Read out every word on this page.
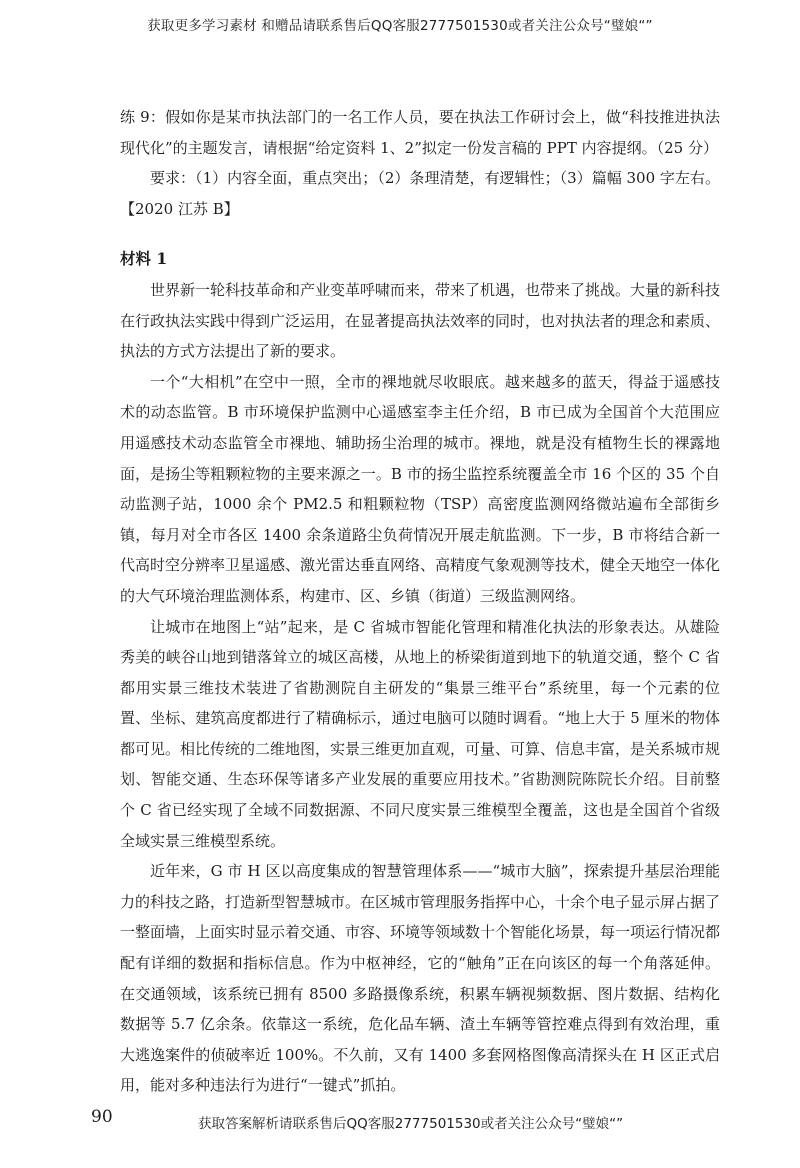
获取更多学习素材 和赠品请联系售后QQ客服2777501530或者关注公众号“璧娘“”

练 9：假如你是某市执法部门的一名工作人员，要在执法工作研讨会上，做“科技推进执法现代化”的主题发言，请根据“给定资料 1、2”拟定一份发言稿的 PPT 内容提纲。（25 分）

要求：（1）内容全面，重点突出；（2）条理清楚，有逻辑性；（3）篇幅 300 字左右。【2020 江苏 B】

材料 1

世界新一轮科技革命和产业变革呼啸而来，带来了机遇，也带来了挑战。大量的新科技在行政执法实践中得到广泛运用，在显著提高执法效率的同时，也对执法者的理念和素质、执法的方式方法提出了新的要求。

一个“大相机”在空中一照，全市的裸地就尽收眼底。越来越多的蓝天，得益于遥感技术的动态监管。B 市环境保护监测中心遥感室李主任介绍，B 市已成为全国首个大范围应用遥感技术动态监管全市裸地、辅助扬尘治理的城市。裸地，就是没有植物生长的裸露地面，是扬尘等粗颗粒物的主要来源之一。B 市的扬尘监控系统覆盖全市 16 个区的 35 个自动监测子站，1000 余个 PM2.5 和粗颗粒物（TSP）高密度监测网络微站遍布全部街乡镇，每月对全市各区 1400 余条道路尘负荷情况开展走航监测。下一步，B 市将结合新一代高时空分辨率卫星遥感、激光雷达垂直网络、高精度气象观测等技术，健全天地空一体化的大气环境治理监测体系，构建市、区、乡镇（街道）三级监测网络。

让城市在地图上“站”起来，是 C 省城市智能化管理和精准化执法的形象表达。从雄险秀美的峡谷山地到错落耸立的城区高楼，从地上的桥梁街道到地下的轨道交通，整个 C 省都用实景三维技术装进了省勘测院自主研发的“集景三维平台”系统里，每一个元素的位置、坐标、建筑高度都进行了精确标示，通过电脑可以随时调看。“地上大于 5 厘米的物体都可见。相比传统的二维地图，实景三维更加直观，可量、可算、信息丰富，是关系城市规划、智能交通、生态环保等诸多产业发展的重要应用技术。”省勘测院陈院长介绍。目前整个 C 省已经实现了全域不同数据源、不同尺度实景三维模型全覆盖，这也是全国首个省级全域实景三维模型系统。

近年来，G 市 H 区以高度集成的智慧管理体系——“城市大脑”，探索提升基层治理能力的科技之路，打造新型智慧城市。在区城市管理服务指挥中心，十余个电子显示屏占据了一整面墙，上面实时显示着交通、市容、环境等领域数十个智能化场景，每一项运行情况都配有详细的数据和指标信息。作为中枢神经，它的“触角”正在向该区的每一个角落延伸。在交通领域，该系统已拥有 8500 多路摄像系统，积累车辆视频数据、图片数据、结构化数据等 5.7 亿余条。依靠这一系统，危化品车辆、渣土车辆等管控难点得到有效治理，重大逃逸案件的侦破率近 100%。不久前，又有 1400 多套网格图像高清探头在 H 区正式启用，能对多种违法行为进行“一键式”抓拍。

90	获取答案解析请联系售后QQ客服2777501530或者关注公众号“璧娘“”
